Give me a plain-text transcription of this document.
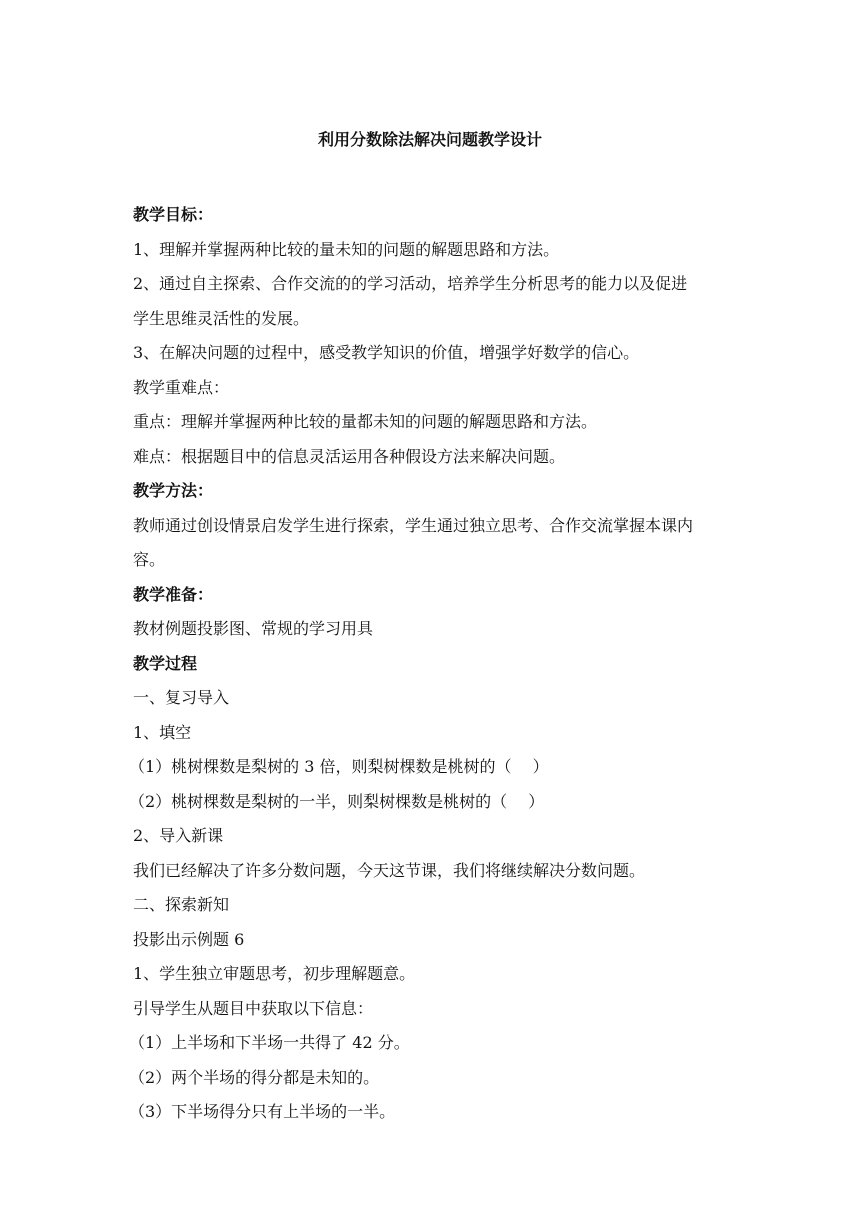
利用分数除法解决问题教学设计
教学目标：
1、理解并掌握两种比较的量未知的问题的解题思路和方法。
2、通过自主探索、合作交流的的学习活动，培养学生分析思考的能力以及促进
学生思维灵活性的发展。
3、在解决问题的过程中，感受教学知识的价值，增强学好数学的信心。
教学重难点：
重点：理解并掌握两种比较的量都未知的问题的解题思路和方法。
难点：根据题目中的信息灵活运用各种假设方法来解决问题。
教学方法：
教师通过创设情景启发学生进行探索，学生通过独立思考、合作交流掌握本课内
容。
教学准备：
教材例题投影图、常规的学习用具
教学过程
一、复习导入
1、填空
（1）桃树棵数是梨树的 3 倍，则梨树棵数是桃树的（　 ）
（2）桃树棵数是梨树的一半，则梨树棵数是桃树的（　 ）
2、导入新课
我们已经解决了许多分数问题，今天这节课，我们将继续解决分数问题。
二、探索新知
投影出示例题 6
1、学生独立审题思考，初步理解题意。
引导学生从题目中获取以下信息：
（1）上半场和下半场一共得了 42 分。
（2）两个半场的得分都是未知的。
（3）下半场得分只有上半场的一半。
